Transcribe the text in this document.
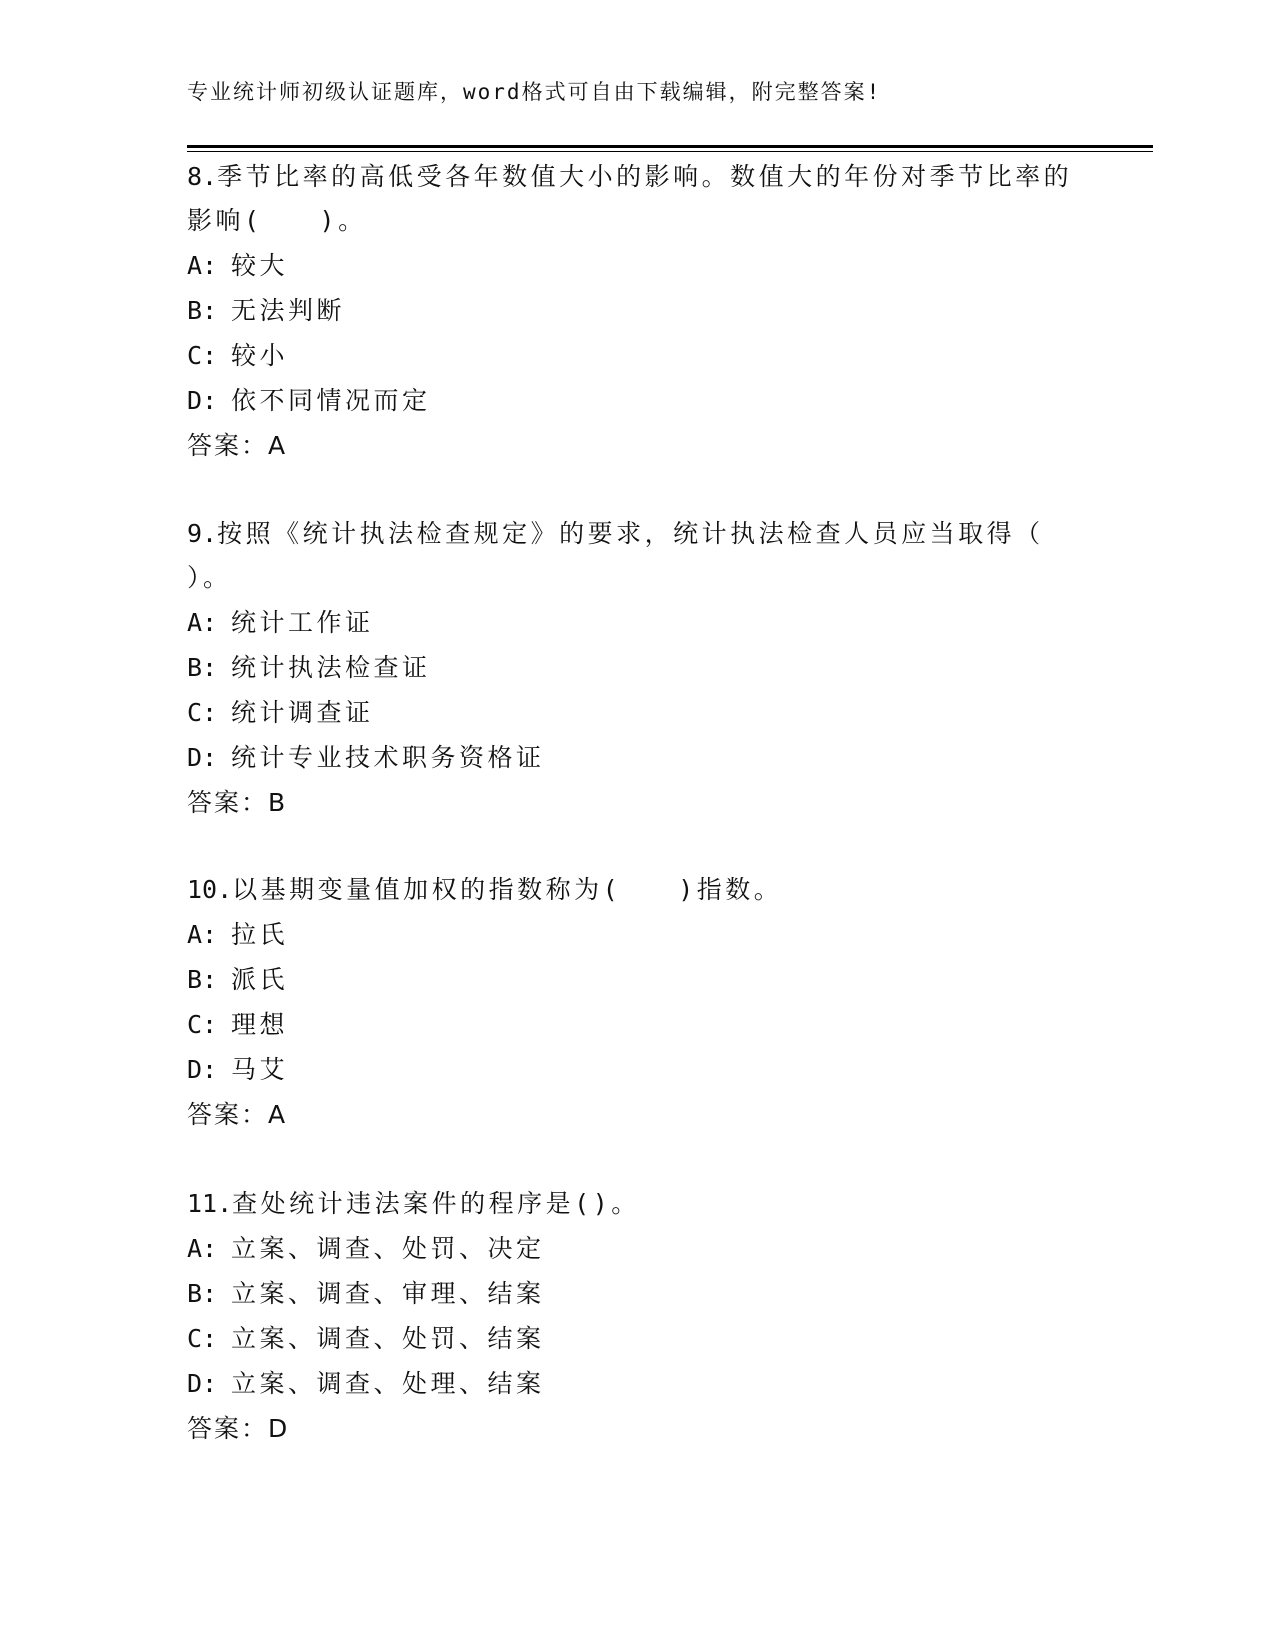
专业统计师初级认证题库，word格式可自由下载编辑，附完整答案!

8.季节比率的高低受各年数值大小的影响。数值大的年份对季节比率的影响(　　)。

A: 较大
B: 无法判断
C: 较小
D: 依不同情况而定
答案：A

9.按照《统计执法检查规定》的要求，统计执法检查人员应当取得（　　）。

A: 统计工作证
B: 统计执法检查证
C: 统计调查证
D: 统计专业技术职务资格证
答案：B

10.以基期变量值加权的指数称为(　　)指数。

A: 拉氏
B: 派氏
C: 理想
D: 马艾
答案：A

11.查处统计违法案件的程序是()。

A: 立案、调查、处罚、决定
B: 立案、调查、审理、结案
C: 立案、调查、处罚、结案
D: 立案、调查、处理、结案
答案：D
